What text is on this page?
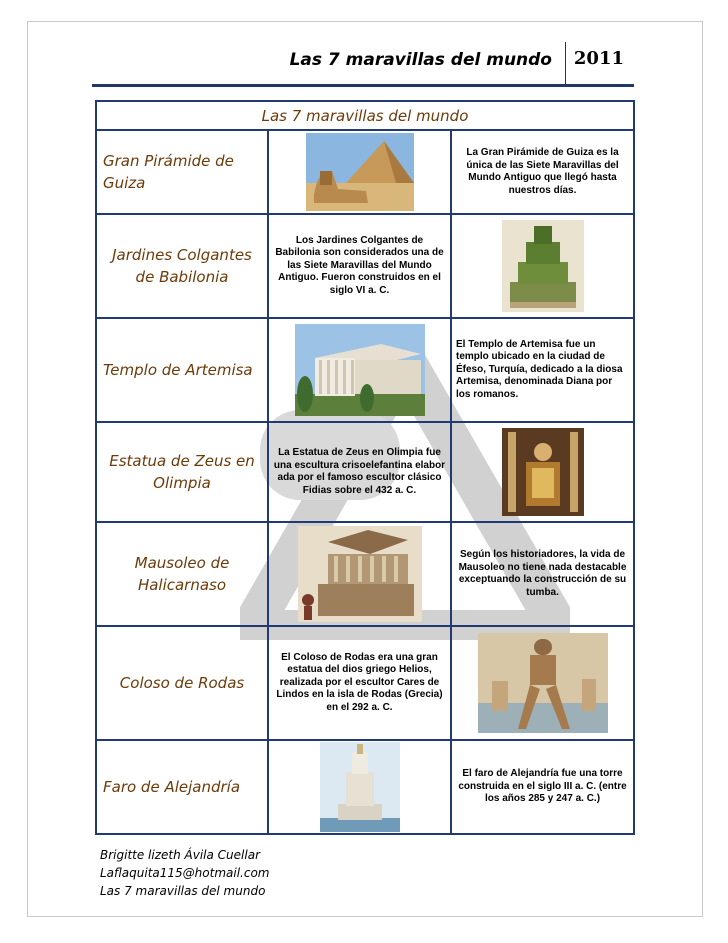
Las 7 maravillas del mundo 2011
Las 7 maravillas del mundo		
Gran Pirámide de Guiza		La Gran Pirámide de Guiza es la única de las Siete Maravillas del Mundo Antiguo que llegó hasta nuestros días.
Jardines Colgantes de Babilonia	Los Jardines Colgantes de Babilonia son considerados una de las Siete Maravillas del Mundo Antiguo. Fueron construidos en el siglo VI a. C.	

Templo de Artemisa		El Templo de Artemisa fue un templo ubicado en la ciudad de Éfeso, Turquía, dedicado a la diosa Artemisa, denominada Diana por los romanos.
Estatua de Zeus en Olimpia	La Estatua de Zeus en Olimpia fue una escultura crisoelefantina elabor ada por el famoso escultor clásico Fidias sobre el 432 a. C.	

Mausoleo de Halicarnaso		Según los historiadores, la vida de Mausoleo no tiene nada destacable exceptuando la construcción de su tumba.
Coloso de Rodas	El Coloso de Rodas era una gran estatua del dios griego Helios, realizada por el escultor Cares de Lindos en la isla de Rodas (Grecia) en el 292 a. C.	

Faro de Alejandría		El faro de Alejandría fue una torre construida en el siglo III a. C. (entre los años 285 y 247 a. C.)
Brigitte lizeth Ávila Cuellar
Laflaquita115@hotmail.com
Las 7 maravillas del mundo
